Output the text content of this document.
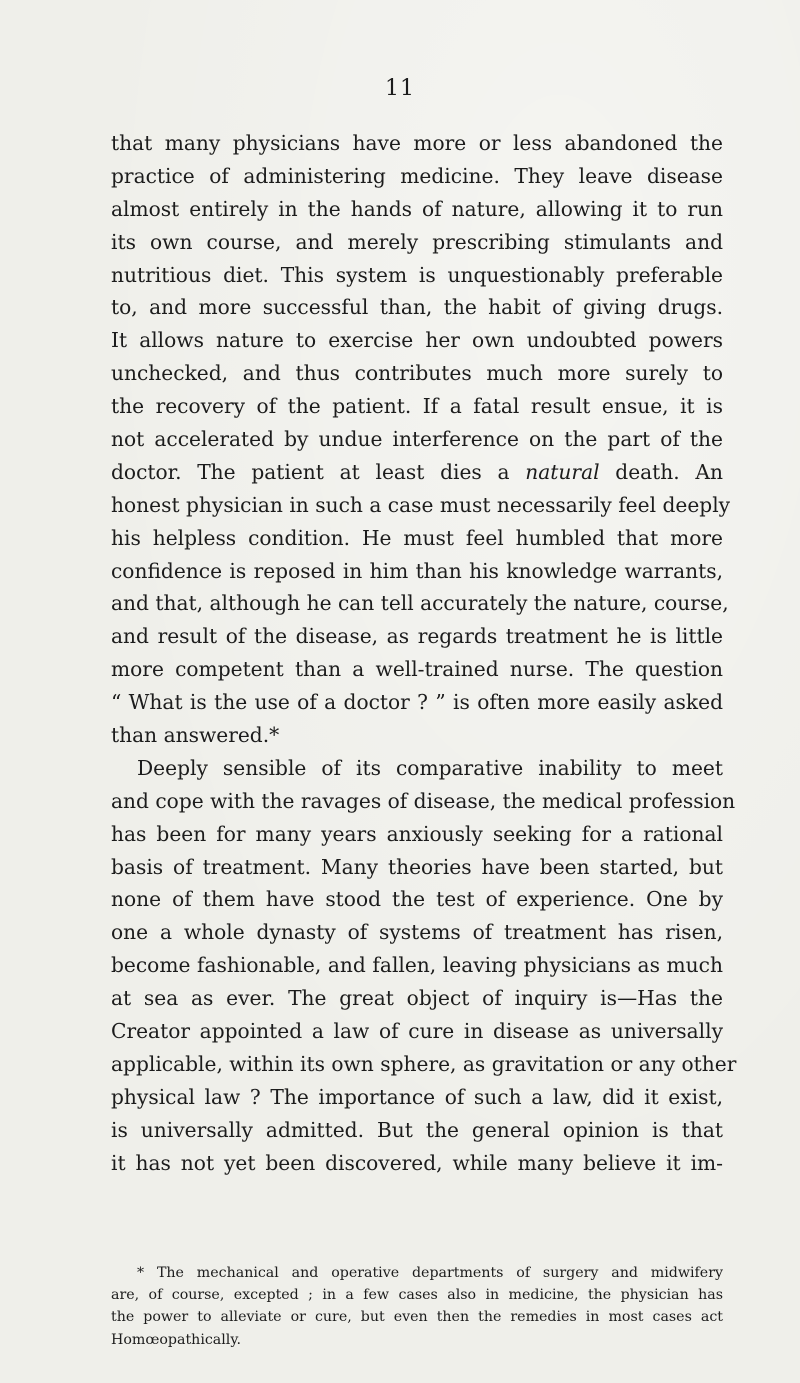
11
that many physicians have more or less abandoned the
practice of administering medicine. They leave disease
almost entirely in the hands of nature, allowing it to run
its own course, and merely prescribing stimulants and
nutritious diet. This system is unquestionably preferable
to, and more successful than, the habit of giving drugs.
It allows nature to exercise her own undoubted powers
unchecked, and thus contributes much more surely to
the recovery of the patient. If a fatal result ensue, it is
not accelerated by undue interference on the part of the
doctor. The patient at least dies a natural death. An
honest physician in such a case must necessarily feel deeply
his helpless condition. He must feel humbled that more
confidence is reposed in him than his knowledge warrants,
and that, although he can tell accurately the nature, course,
and result of the disease, as regards treatment he is little
more competent than a well-trained nurse. The question
“ What is the use of a doctor ? ” is often more easily asked
than answered.*
Deeply sensible of its comparative inability to meet
and cope with the ravages of disease, the medical profession
has been for many years anxiously seeking for a rational
basis of treatment. Many theories have been started, but
none of them have stood the test of experience. One by
one a whole dynasty of systems of treatment has risen,
become fashionable, and fallen, leaving physicians as much
at sea as ever. The great object of inquiry is—Has the
Creator appointed a law of cure in disease as universally
applicable, within its own sphere, as gravitation or any other
physical law ? The importance of such a law, did it exist,
is universally admitted. But the general opinion is that
it has not yet been discovered, while many believe it im-
* The mechanical and operative departments of surgery and midwifery
are, of course, excepted ; in a few cases also in medicine, the physician has
the power to alleviate or cure, but even then the remedies in most cases act
Homœopathically.
